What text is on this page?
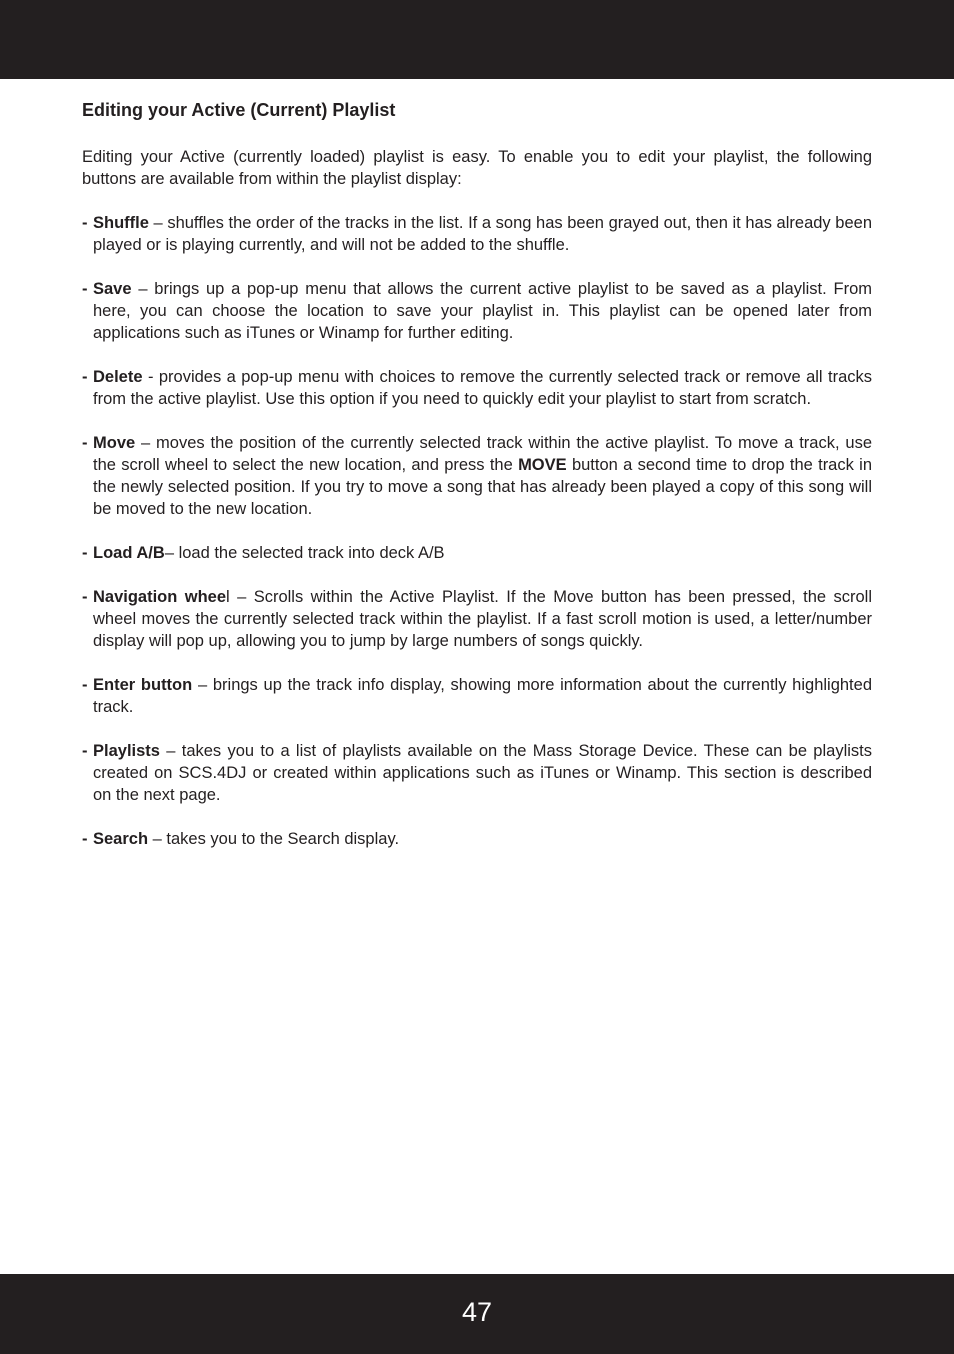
Editing your Active (Current) Playlist

Editing your Active (currently loaded) playlist is easy. To enable you to edit your playlist, the following buttons are available from within the playlist display:

- Shuffle – shuffles the order of the tracks in the list. If a song has been grayed out, then it has already been played or is playing currently, and will not be added to the shuffle.

- Save – brings up a pop-up menu that allows the current active playlist to be saved as a playlist. From here, you can choose the location to save your playlist in. This playlist can be opened later from applications such as iTunes or Winamp for further editing.

- Delete - provides a pop-up menu with choices to remove the currently selected track or remove all tracks from the active playlist. Use this option if you need to quickly edit your playlist to start from scratch.

- Move – moves the position of the currently selected track within the active playlist. To move a track, use the scroll wheel to select the new location, and press the MOVE button a second time to drop the track in the newly selected position. If you try to move a song that has already been played a copy of this song will be moved to the new location.

- Load A/B– load the selected track into deck A/B

- Navigation wheel – Scrolls within the Active Playlist. If the Move button has been pressed, the scroll wheel moves the currently selected track within the playlist. If a fast scroll motion is used, a letter/number display will pop up, allowing you to jump by large numbers of songs quickly.

- Enter button – brings up the track info display, showing more information about the currently highlighted track.

- Playlists – takes you to a list of playlists available on the Mass Storage Device. These can be playlists created on SCS.4DJ or created within applications such as iTunes or Winamp. This section is described on the next page.

- Search – takes you to the Search display.

47
